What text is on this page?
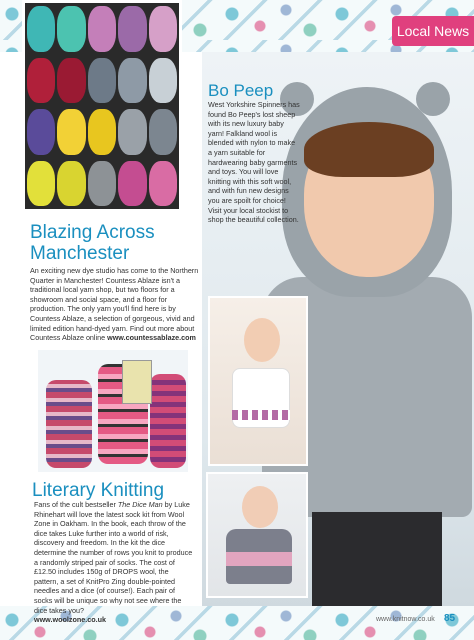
Local News
Bo Peep

West Yorkshire Spinners has found Bo Peep's lost sheep with its new luxury baby yarn! Falkland wool is blended with nylon to make a yarn suitable for hardwearing baby garments and toys. You will love knitting with this soft wool, and with fun new designs you are spoilt for choice! Visit your local stockist to shop the beautiful collection.

Blazing Across Manchester

An exciting new dye studio has come to the Northern Quarter in Manchester! Countess Ablaze isn't a traditional local yarn shop, but two floors for a showroom and social space, and a floor for production. The only yarn you'll find here is by Countess Ablaze, a selection of gorgeous, vivid and limited edition hand-dyed yarn. Find out more about Countess Ablaze online www.countessablaze.com

Literary Knitting

Fans of the cult bestseller The Dice Man by Luke Rhinehart will love the latest sock kit from Wool Zone in Oakham. In the book, each throw of the dice takes Luke further into a world of risk, discovery and freedom. In the kit the dice determine the number of rows you knit to produce a randomly striped pair of socks. The cost of £12.50 includes 150g of DROPS wool, the pattern, a set of KnitPro Zing double-pointed needles and a dice (of course!). Each pair of socks will be unique so why not see where the dice takes you?
www.woolzone.co.uk	www.knitnow.co.uk 85
